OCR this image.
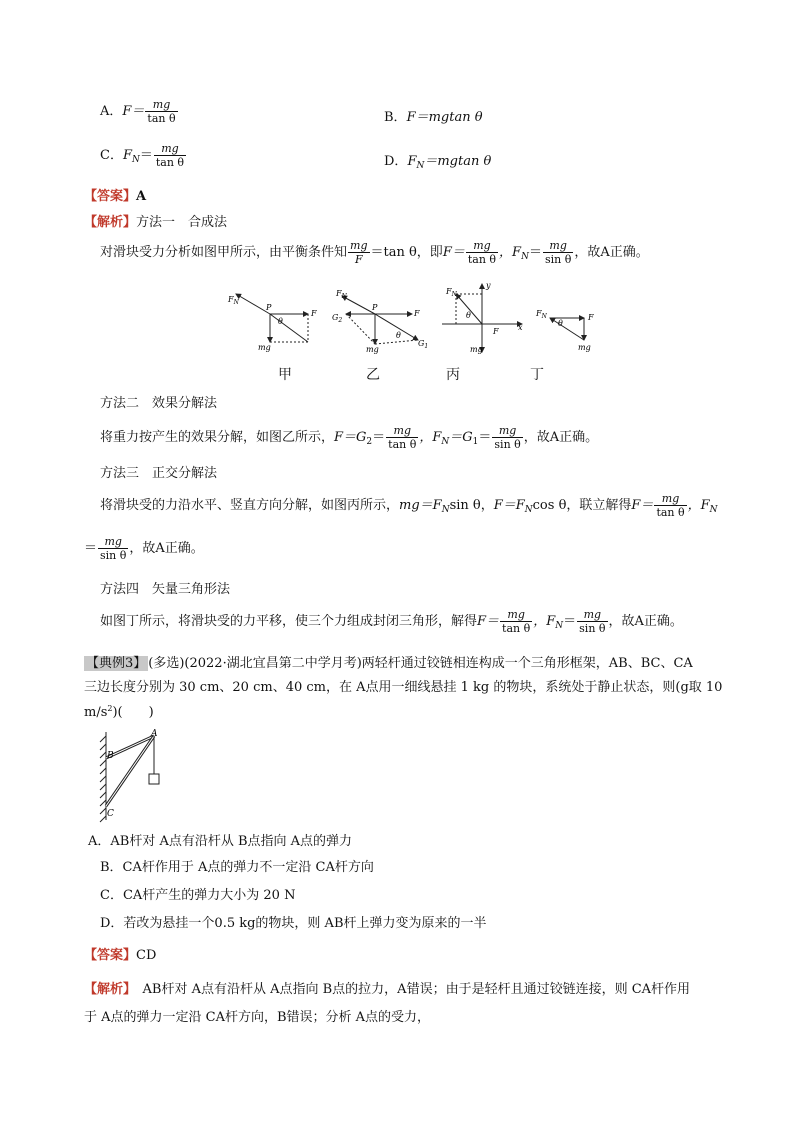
A．$F= \frac{mg}{\text{tan θ}}$	B．F＝mgtan θ
C．$F_N= \frac{mg}{\text{tan θ}}$	D．$F_N=mgtan$ θ
【答案】A
【解析】方法一　合成法
对滑块受力分析如图甲所示，由平衡条件知 $\frac{mg}{F} =\tan$ θ，即$F= \frac{mg}{\text{tan θ}}$ ，$F_N= \frac{mg}{\text{sin θ}}$ ，故A正确。
$F_N$
P
θ
F
mg
$F_N$
P
$G_2$
F
θ
$G_1$
mg
$F_N$
y
θ
x
F
mg
$F_N$
θ
F
mg
甲	乙	丙	丁
方法二　效果分解法
将重力按产生的效果分解，如图乙所示，$F=G_2= \frac{mg}{\text{tan θ}}$ ，$F_N=G_1= \frac{mg}{\text{sin θ}}$ ，故A正确。
方法三　正交分解法
将滑块受的力沿水平、竖直方向分解，如图丙所示，$mg=F_N\sin$ θ，$F=F_N\cos$ θ，联立解得$F= \frac{mg}{\text{tan θ}}$ ，$F_N$
＝ $\frac{mg}{\text{sin θ}}$ ，故A正确。
方法四　矢量三角形法
如图丁所示，将滑块受的力平移，使三个力组成封闭三角形，解得$F= \frac{mg}{\text{tan θ}}$ ，$F_N= \frac{mg}{\text{sin θ}}$ ，故A正确。
【典例3】 (多选)(2022·湖北宜昌第二中学月考)两轻杆通过铰链相连构成一个三角形框架，AB、BC、CA
三边长度分别为 30 cm、20 cm、40 cm，在 A点用一细线悬挂 1 kg 的物块，系统处于静止状态，则(g取 10
$m/s^2$)(　　)
A
B
C
A．AB杆对 A点有沿杆从 B点指向 A点的弹力
B．CA杆作用于 A点的弹力不一定沿 CA杆方向
C．CA杆产生的弹力大小为 20 N
D．若改为悬挂一个0.5 kg的物块，则 AB杆上弹力变为原来的一半
【答案】CD
【解析】　AB杆对 A点有沿杆从 A点指向 B点的拉力，A错误；由于是轻杆且通过铰链连接，则 CA杆作用
于 A点的弹力一定沿 CA杆方向，B错误；分析 A点的受力，
